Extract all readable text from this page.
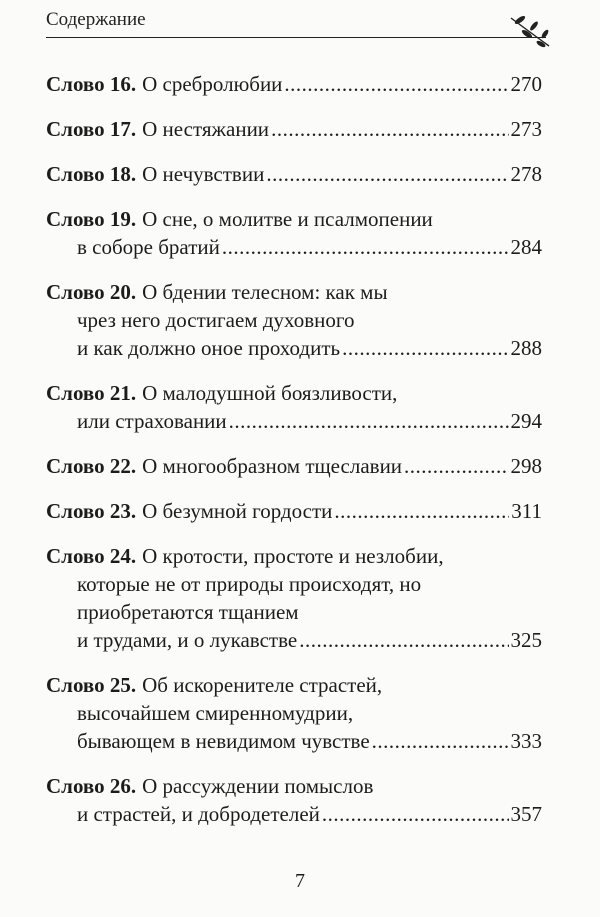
Содержание
Слово 16. О сребролюбии .....	270
Слово 17. О нестяжании .....	273
Слово 18. О нечувствии .....	278
Слово 19. О сне, о молитве и псалмопении
в соборе братий .....	284
Слово 20. О бдении телесном: как мы
чрез него достигаем духовного
и как должно оное проходить .....	288
Слово 21. О малодушной боязливости,
или страховании .....	294
Слово 22. О многообразном тщеславии .....	298
Слово 23. О безумной гордости .....	311
Слово 24. О кротости, простоте и незлобии,
которые не от природы происходят, но
приобретаются тщанием
и трудами, и о лукавстве .....	325
Слово 25. Об искоренителе страстей,
высочайшем смиренномудрии,
бывающем в невидимом чувстве .....	333
Слово 26. О рассуждении помыслов
и страстей, и добродетелей .....	357
7
